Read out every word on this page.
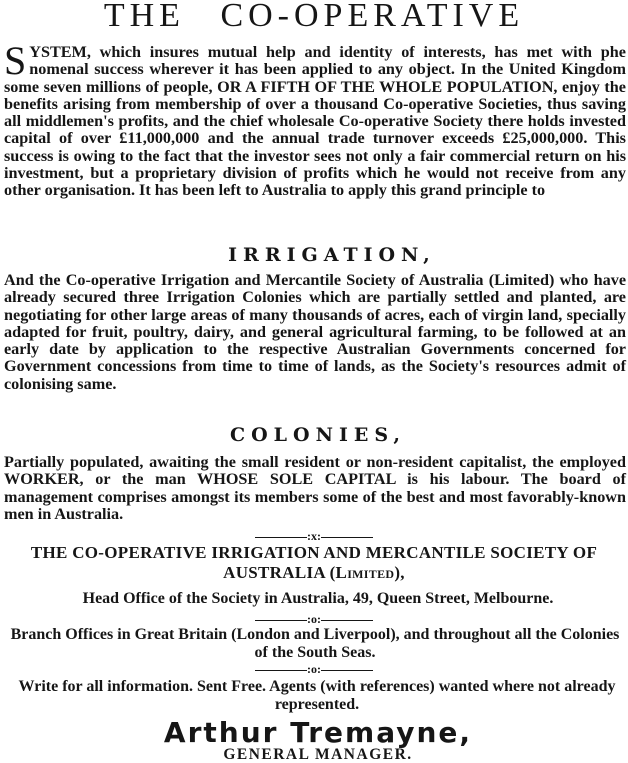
THE CO-OPERATIVE

SYSTEM, which insures mutual help and identity of interests, has met with phe nomenal success wherever it has been applied to any object. In the United Kingdom some seven millions of people, OR A FIFTH OF THE WHOLE POPULATION, enjoy the benefits arising from membership of over a thousand Co-operative Societies, thus saving all middlemen's profits, and the chief wholesale Co-operative Society there holds invested capital of over £11,000,000 and the annual trade turnover exceeds £25,000,000. This success is owing to the fact that the investor sees not only a fair commercial return on his investment, but a proprietary division of profits which he would not receive from any other organisation. It has been left to Australia to apply this grand principle to

IRRIGATION,

And the Co-operative Irrigation and Mercantile Society of Australia (Limited) who have already secured three Irrigation Colonies which are partially settled and planted, are negotiating for other large areas of many thousands of acres, each of virgin land, specially adapted for fruit, poultry, dairy, and general agricultural farming, to be followed at an early date by application to the respective Australian Governments concerned for Government concessions from time to time of lands, as the Society's resources admit of colonising same.

COLONIES,

Partially populated, awaiting the small resident or non-resident capitalist, the employed WORKER, or the man WHOSE SOLE CAPITAL is his labour. The board of management comprises amongst its members some of the best and most favorably-known men in Australia.

:x:
THE CO-OPERATIVE IRRIGATION AND MERCANTILE SOCIETY OF AUSTRALIA (Limited),
Head Office of the Society in Australia, 49, Queen Street, Melbourne.
:o:
Branch Offices in Great Britain (London and Liverpool), and throughout all the Colonies of the South Seas.
:o:
Write for all information. Sent Free. Agents (with references) wanted where not already represented.
Arthur Tremayne,
GENERAL MANAGER.
